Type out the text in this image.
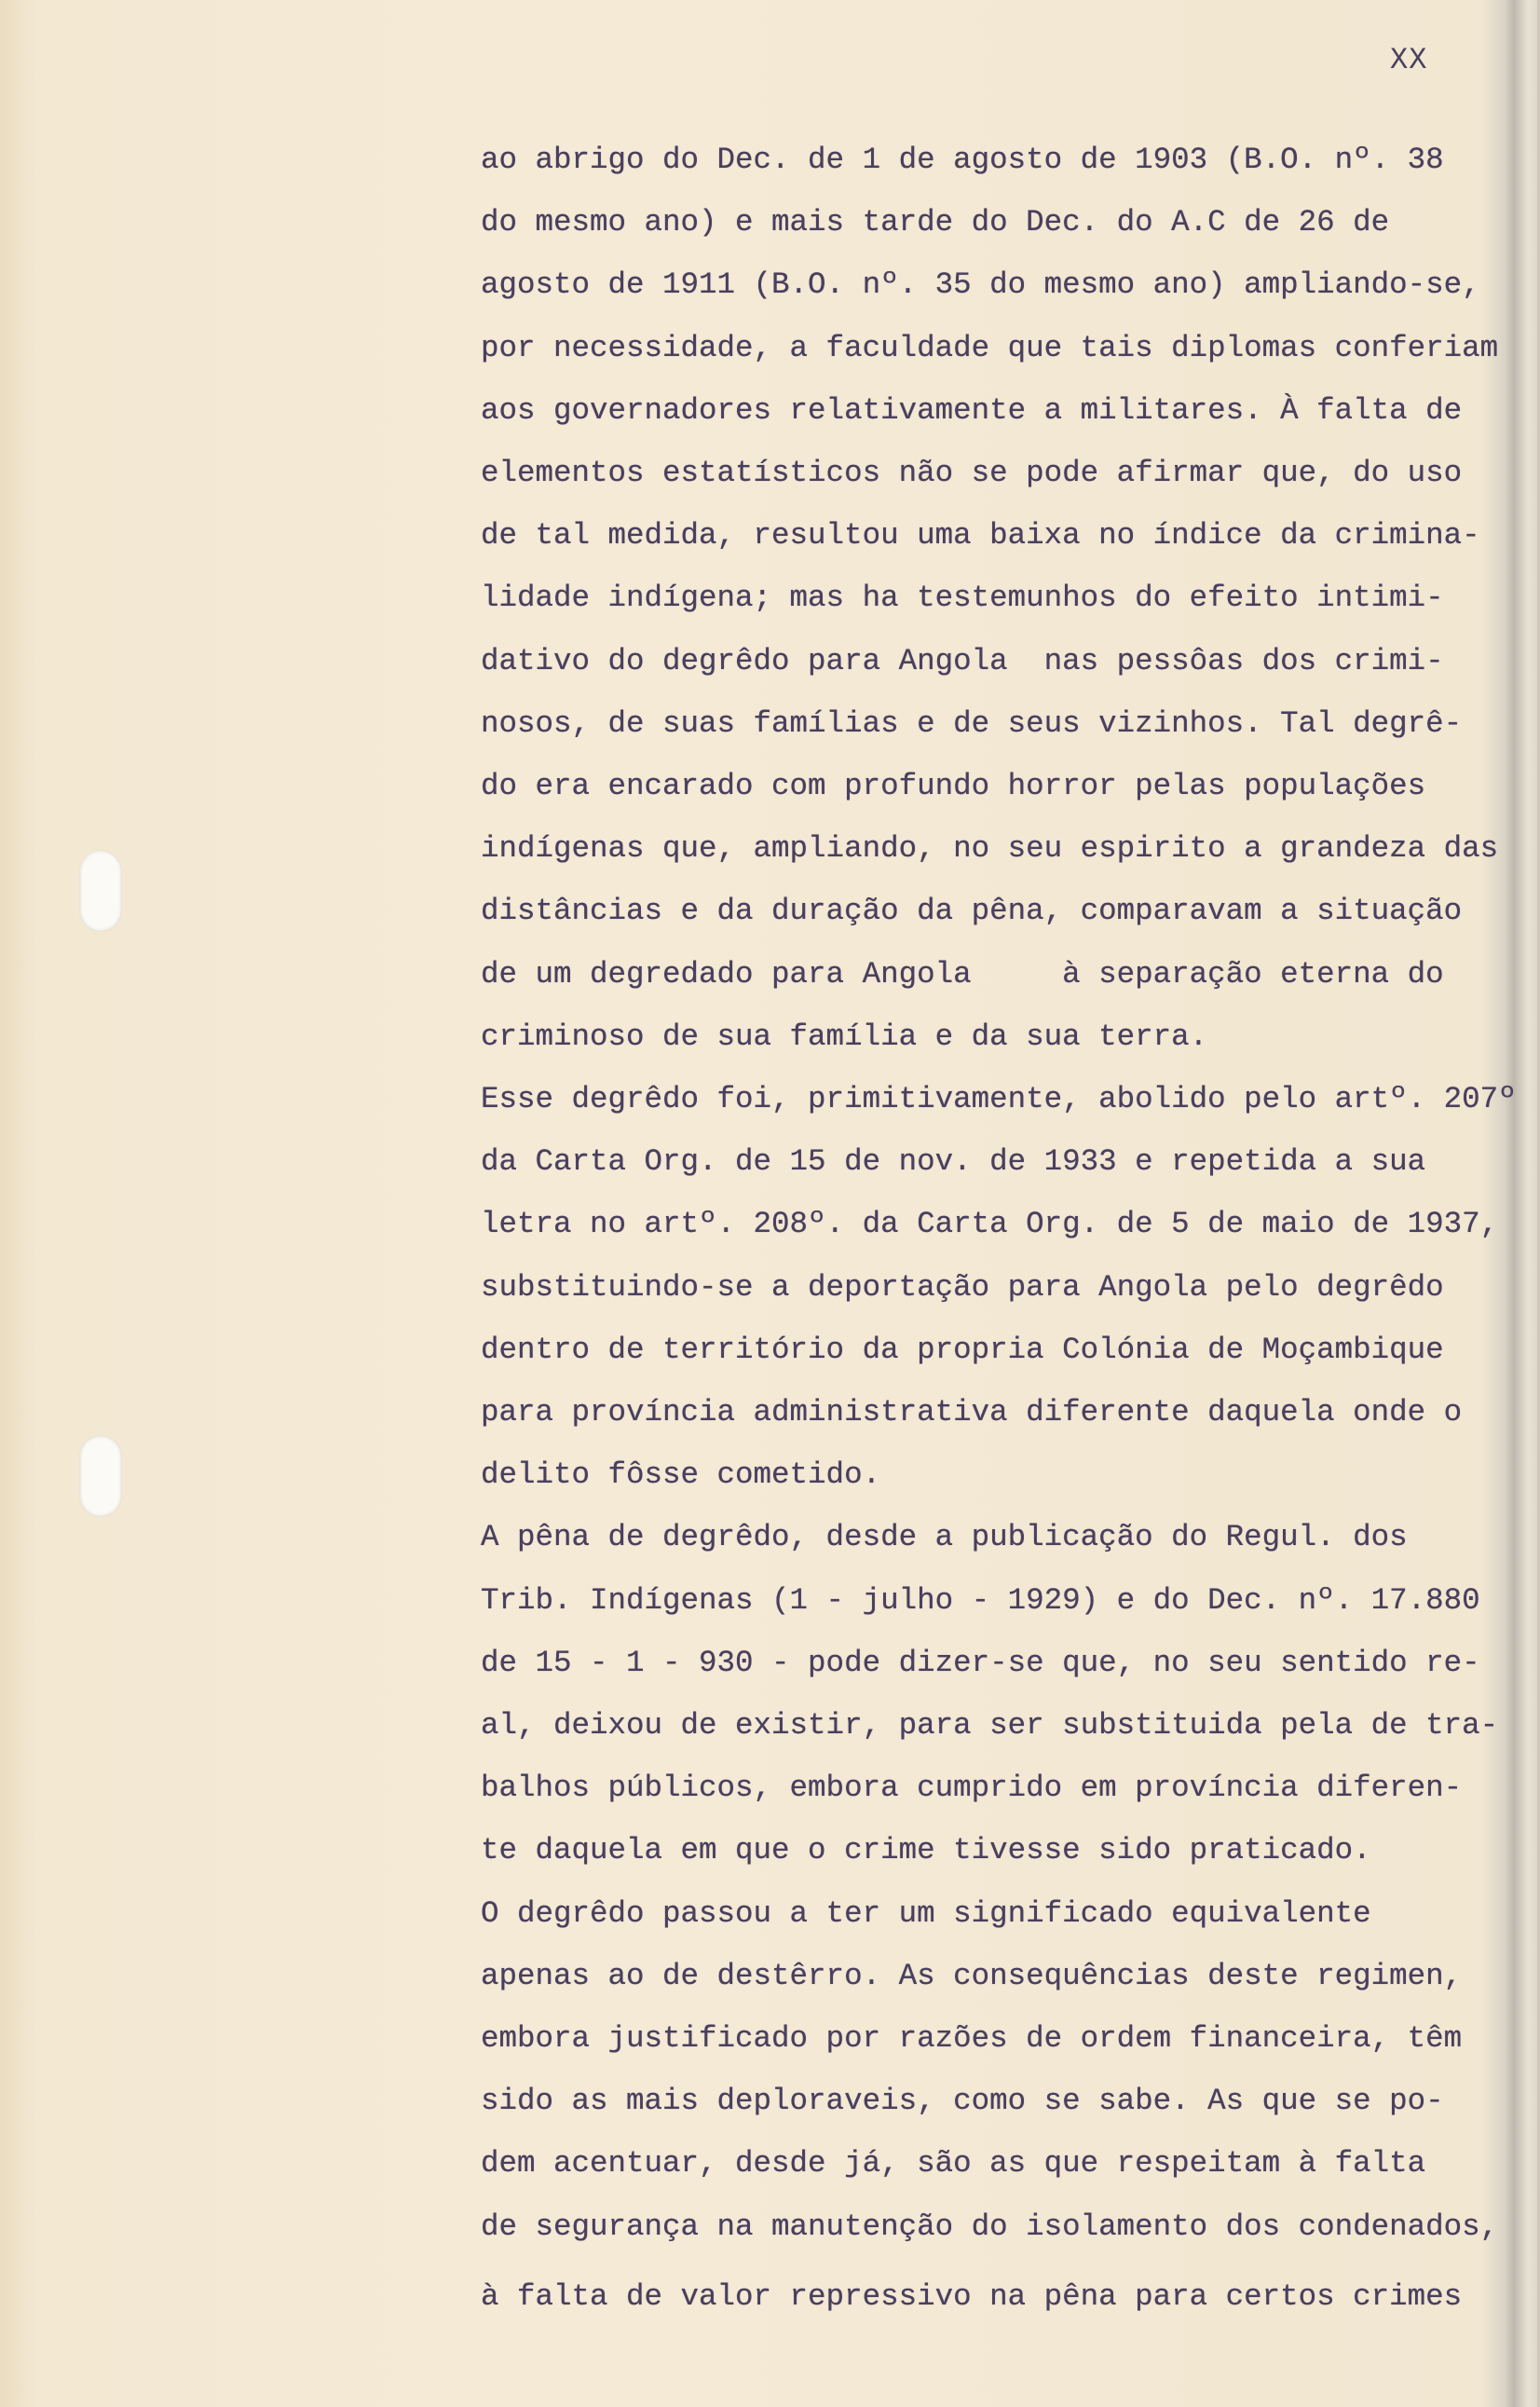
XX
ao abrigo do Dec. de 1 de agosto de 1903 (B.O. nº. 38
do mesmo ano) e mais tarde do Dec. do A.C de 26 de
agosto de 1911 (B.O. nº. 35 do mesmo ano) ampliando-se,
por necessidade, a faculdade que tais diplomas conferiam
aos governadores relativamente a militares. À falta de
elementos estatísticos não se pode afirmar que, do uso
de tal medida, resultou uma baixa no índice da crimina-
lidade indígena; mas ha testemunhos do efeito intimi-
dativo do degrêdo para Angola  nas pessôas dos crimi-
nosos, de suas famílias e de seus vizinhos. Tal degrê-
do era encarado com profundo horror pelas populações
indígenas que, ampliando, no seu espirito a grandeza das
distâncias e da duração da pêna, comparavam a situação
de um degredado para Angola     à separação eterna do
criminoso de sua família e da sua terra.
Esse degrêdo foi, primitivamente, abolido pelo artº. 207º
da Carta Org. de 15 de nov. de 1933 e repetida a sua
letra no artº. 208º. da Carta Org. de 5 de maio de 1937,
substituindo-se a deportação para Angola pelo degrêdo
dentro de território da propria Colónia de Moçambique
para província administrativa diferente daquela onde o
delito fôsse cometido.
A pêna de degrêdo, desde a publicação do Regul. dos
Trib. Indígenas (1 - julho - 1929) e do Dec. nº. 17.880
de 15 - 1 - 930 - pode dizer-se que, no seu sentido re-
al, deixou de existir, para ser substituida pela de tra-
balhos públicos, embora cumprido em província diferen-
te daquela em que o crime tivesse sido praticado.
O degrêdo passou a ter um significado equivalente
apenas ao de destêrro. As consequências deste regimen,
embora justificado por razões de ordem financeira, têm
sido as mais deploraveis, como se sabe. As que se po-
dem acentuar, desde já, são as que respeitam à falta
de segurança na manutenção do isolamento dos condenados,
à falta de valor repressivo na pêna para certos crimes
